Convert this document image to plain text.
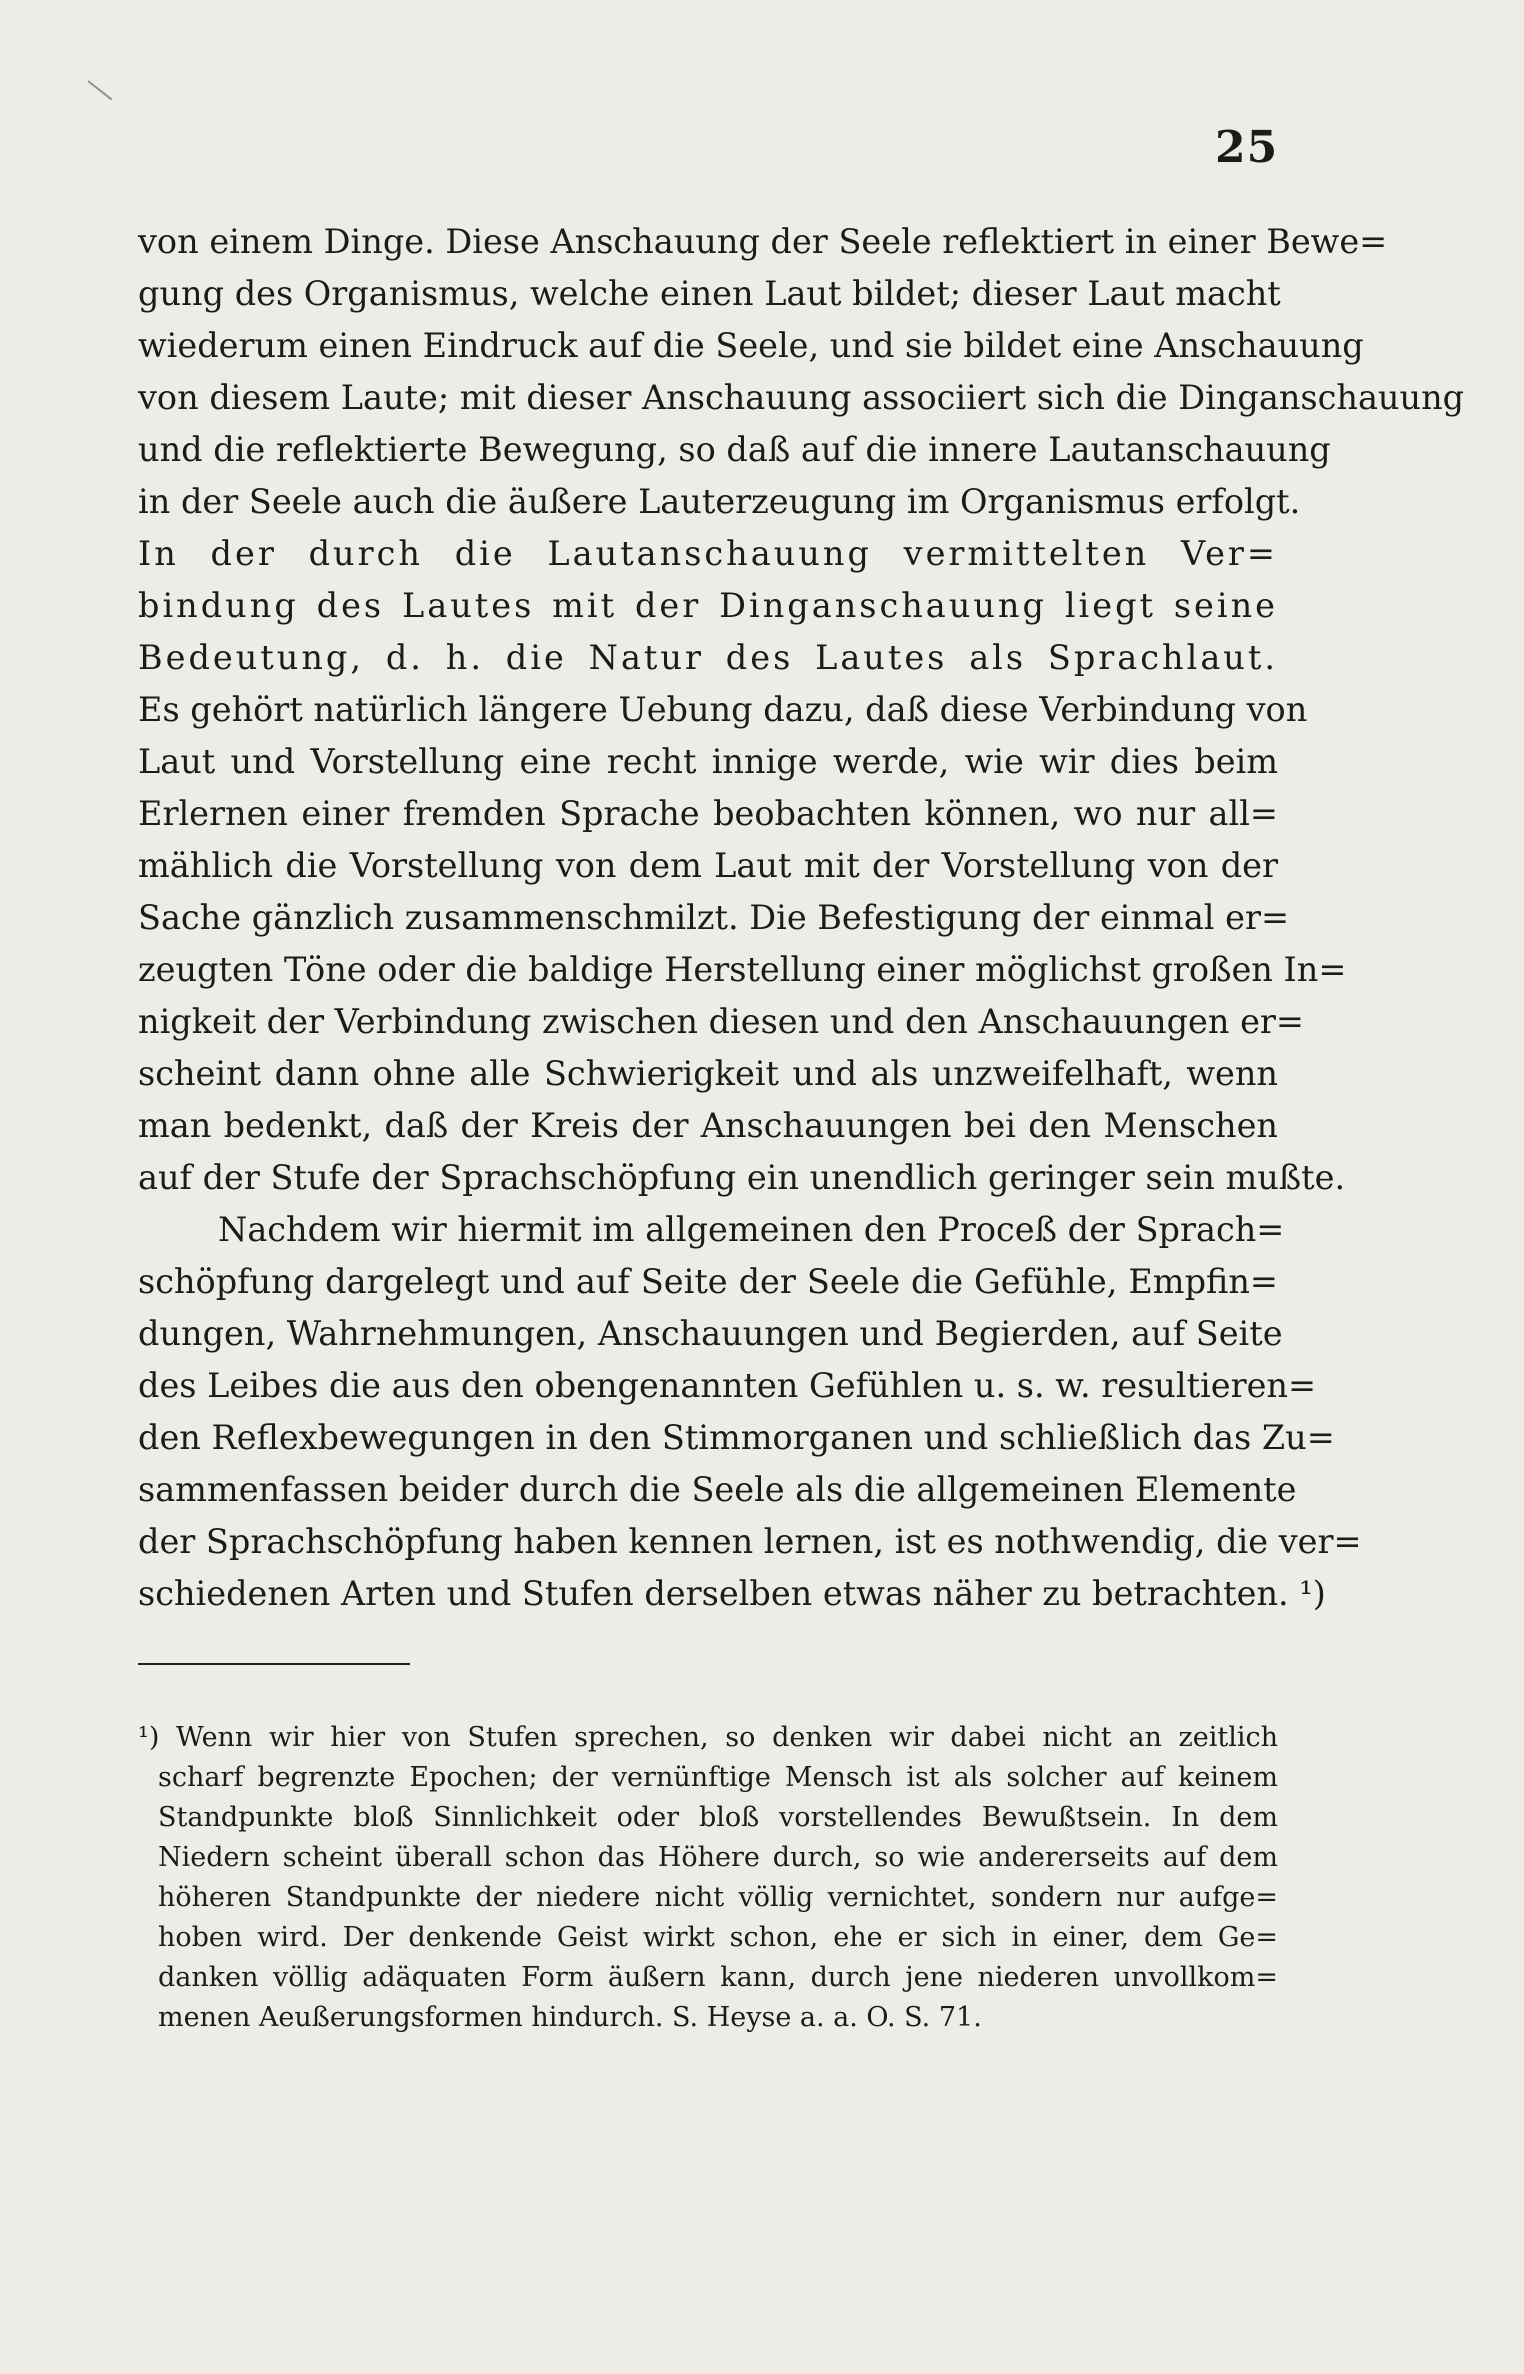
25
von einem Dinge. Diese Anschauung der Seele reflektiert in einer Bewe=
gung des Organismus, welche einen Laut bildet; dieser Laut macht
wiederum einen Eindruck auf die Seele, und sie bildet eine Anschauung
von diesem Laute; mit dieser Anschauung associiert sich die Dinganschauung
und die reflektierte Bewegung, so daß auf die innere Lautanschauung
in der Seele auch die äußere Lauterzeugung im Organismus erfolgt.
In der durch die Lautanschauung vermittelten Ver=
bindung des Lautes mit der Dinganschauung liegt seine
Bedeutung, d. h. die Natur des Lautes als Sprachlaut.
Es gehört natürlich längere Uebung dazu, daß diese Verbindung von
Laut und Vorstellung eine recht innige werde, wie wir dies beim
Erlernen einer fremden Sprache beobachten können, wo nur all=
mählich die Vorstellung von dem Laut mit der Vorstellung von der
Sache gänzlich zusammenschmilzt. Die Befestigung der einmal er=
zeugten Töne oder die baldige Herstellung einer möglichst großen In=
nigkeit der Verbindung zwischen diesen und den Anschauungen er=
scheint dann ohne alle Schwierigkeit und als unzweifelhaft, wenn
man bedenkt, daß der Kreis der Anschauungen bei den Menschen
auf der Stufe der Sprachschöpfung ein unendlich geringer sein mußte.
Nachdem wir hiermit im allgemeinen den Proceß der Sprach=
schöpfung dargelegt und auf Seite der Seele die Gefühle, Empfin=
dungen, Wahrnehmungen, Anschauungen und Begierden, auf Seite
des Leibes die aus den obengenannten Gefühlen u. s. w. resultieren=
den Reflexbewegungen in den Stimmorganen und schließlich das Zu=
sammenfassen beider durch die Seele als die allgemeinen Elemente
der Sprachschöpfung haben kennen lernen, ist es nothwendig, die ver=
schiedenen Arten und Stufen derselben etwas näher zu betrachten. ¹)
¹) Wenn wir hier von Stufen sprechen, so denken wir dabei nicht an zeitlich
scharf begrenzte Epochen; der vernünftige Mensch ist als solcher auf keinem
Standpunkte bloß Sinnlichkeit oder bloß vorstellendes Bewußtsein. In dem
Niedern scheint überall schon das Höhere durch, so wie andererseits auf dem
höheren Standpunkte der niedere nicht völlig vernichtet, sondern nur aufge=
hoben wird. Der denkende Geist wirkt schon, ehe er sich in einer, dem Ge=
danken völlig adäquaten Form äußern kann, durch jene niederen unvollkom=
menen Aeußerungsformen hindurch. S. Heyse a. a. O. S. 71.
